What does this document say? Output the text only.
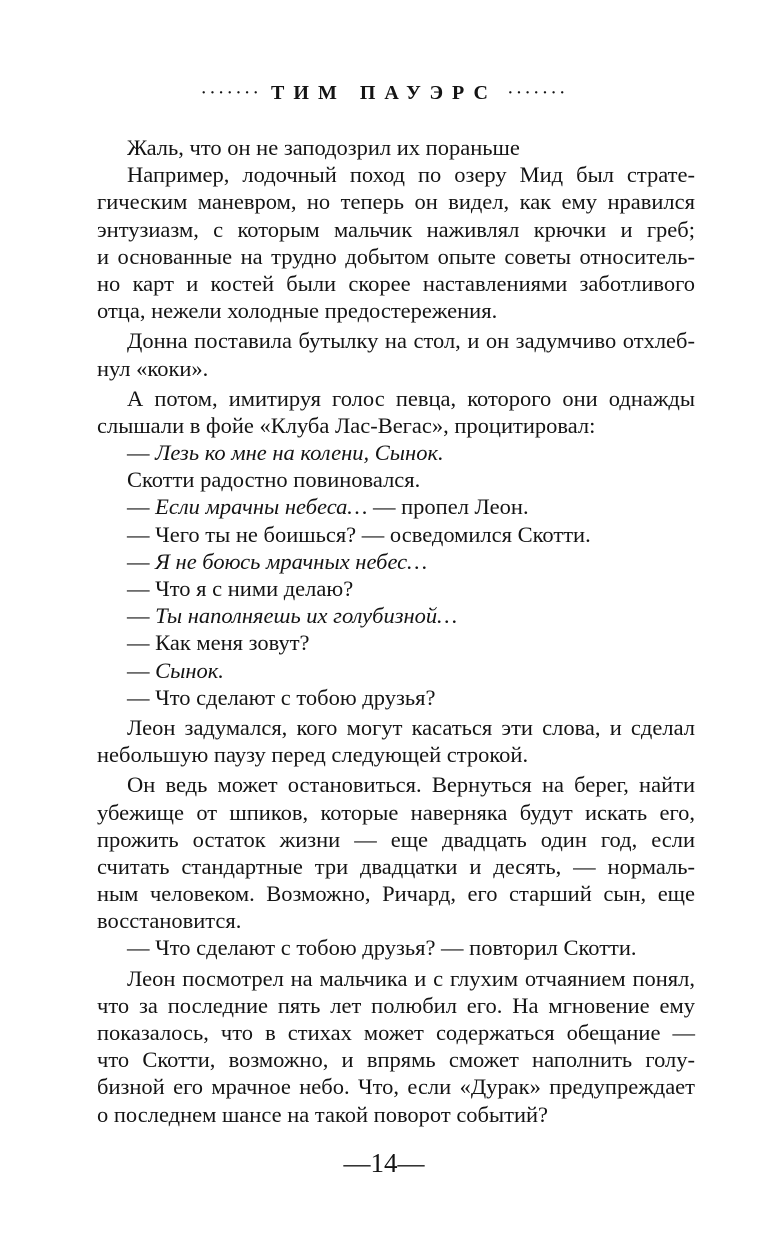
······· ТИМ ПАУЭРС ·······
Жаль, что он не заподозрил их пораньше
Например, лодочный поход по озеру Мид был страте-
гическим маневром, но теперь он видел, как ему нравился
энтузиазм, с которым мальчик наживлял крючки и греб;
и основанные на трудно добытом опыте советы относитель-
но карт и костей были скорее наставлениями заботливого
отца, нежели холодные предостережения.
Донна поставила бутылку на стол, и он задумчиво отхлеб-
нул «коки».
А потом, имитируя голос певца, которого они однажды
слышали в фойе «Клуба Лас-Вегас», процитировал:
— Лезь ко мне на колени, Сынок.
Скотти радостно повиновался.
— Если мрачны небеса… — пропел Леон.
— Чего ты не боишься? — осведомился Скотти.
— Я не боюсь мрачных небес…
— Что я с ними делаю?
— Ты наполняешь их голубизной…
— Как меня зовут?
— Сынок.
— Что сделают с тобою друзья?
Леон задумался, кого могут касаться эти слова, и сделал
небольшую паузу перед следующей строкой.
Он ведь может остановиться. Вернуться на берег, найти
убежище от шпиков, которые наверняка будут искать его,
прожить остаток жизни — еще двадцать один год, если
считать стандартные три двадцатки и десять, — нормаль-
ным человеком. Возможно, Ричард, его старший сын, еще
восстановится.
— Что сделают с тобою друзья? — повторил Скотти.
Леон посмотрел на мальчика и с глухим отчаянием понял,
что за последние пять лет полюбил его. На мгновение ему
показалось, что в стихах может содержаться обещание —
что Скотти, возможно, и впрямь сможет наполнить голу-
бизной его мрачное небо. Что, если «Дурак» предупреждает
о последнем шансе на такой поворот событий?
—14—
